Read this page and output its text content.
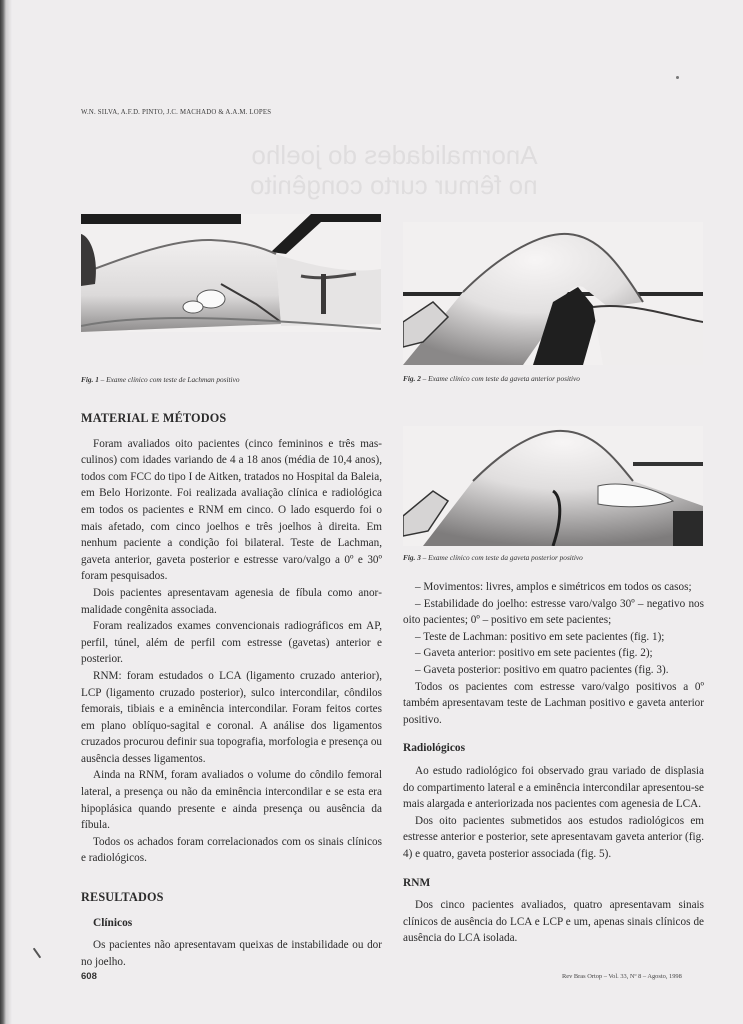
Anormalidades do joelho
no fêmur curto congênito
W.N. SILVA, A.F.D. PINTO, J.C. MACHADO & A.A.M. LOPES
Fig. 1 – Exame clínico com teste de Lachman positivo	Fig. 2 – Exame clínico com teste da gaveta anterior positivo
Fig. 3 – Exame clínico com teste da gaveta posterior positivo
MATERIAL E MÉTODOS

Foram avaliados oito pacientes (cinco femininos e três masculinos) com idades variando de 4 a 18 anos (média de 10,4 anos), todos com FCC do tipo I de Aitken, tratados no Hospital da Baleia, em Belo Horizonte. Foi realizada avaliação clínica e radiológica em todos os pacientes e RNM em cinco. O lado esquerdo foi o mais afetado, com cinco joelhos e três joelhos à direita. Em nenhum paciente a condição foi bilateral. Teste de Lachman, gaveta anterior, gaveta posterior e estresse varo/valgo a 0º e 30º foram pesquisados.

Dois pacientes apresentavam agenesia de fíbula como anormalidade congênita associada.

Foram realizados exames convencionais radiográficos em AP, perfil, túnel, além de perfil com estresse (gavetas) anterior e posterior.

RNM: foram estudados o LCA (ligamento cruzado anterior), LCP (ligamento cruzado posterior), sulco intercondilar, côndilos femorais, tibiais e a eminência intercondilar. Foram feitos cortes em plano oblíquo-sagital e coronal. A análise dos ligamentos cruzados procurou definir sua topografia, morfologia e presença ou ausência desses ligamentos.

Ainda na RNM, foram avaliados o volume do côndilo femoral lateral, a presença ou não da eminência intercondilar e se esta era hipoplásica quando presente e ainda presença ou ausência da fíbula.

Todos os achados foram correlacionados com os sinais clínicos e radiológicos.

RESULTADOS
Clínicos

Os pacientes não apresentavam queixas de instabilidade ou dor no joelho.

– Movimentos: livres, amplos e simétricos em todos os casos;

– Estabilidade do joelho: estresse varo/valgo 30º – negativo nos oito pacientes; 0º – positivo em sete pacientes;

– Teste de Lachman: positivo em sete pacientes (fig. 1);

– Gaveta anterior: positivo em sete pacientes (fig. 2);

– Gaveta posterior: positivo em quatro pacientes (fig. 3).

Todos os pacientes com estresse varo/valgo positivos a 0º também apresentavam teste de Lachman positivo e gaveta anterior positivo.

Radiológicos

Ao estudo radiológico foi observado grau variado de displasia do compartimento lateral e a eminência intercondilar apresentou-se mais alargada e anteriorizada nos pacientes com agenesia de LCA.

Dos oito pacientes submetidos aos estudos radiológicos em estresse anterior e posterior, sete apresentavam gaveta anterior (fig. 4) e quatro, gaveta posterior associada (fig. 5).

RNM

Dos cinco pacientes avaliados, quatro apresentavam sinais clínicos de ausência do LCA e LCP e um, apenas sinais clínicos de ausência do LCA isolada.

608	Rev Bras Ortop – Vol. 33, Nº 8 – Agosto, 1998
